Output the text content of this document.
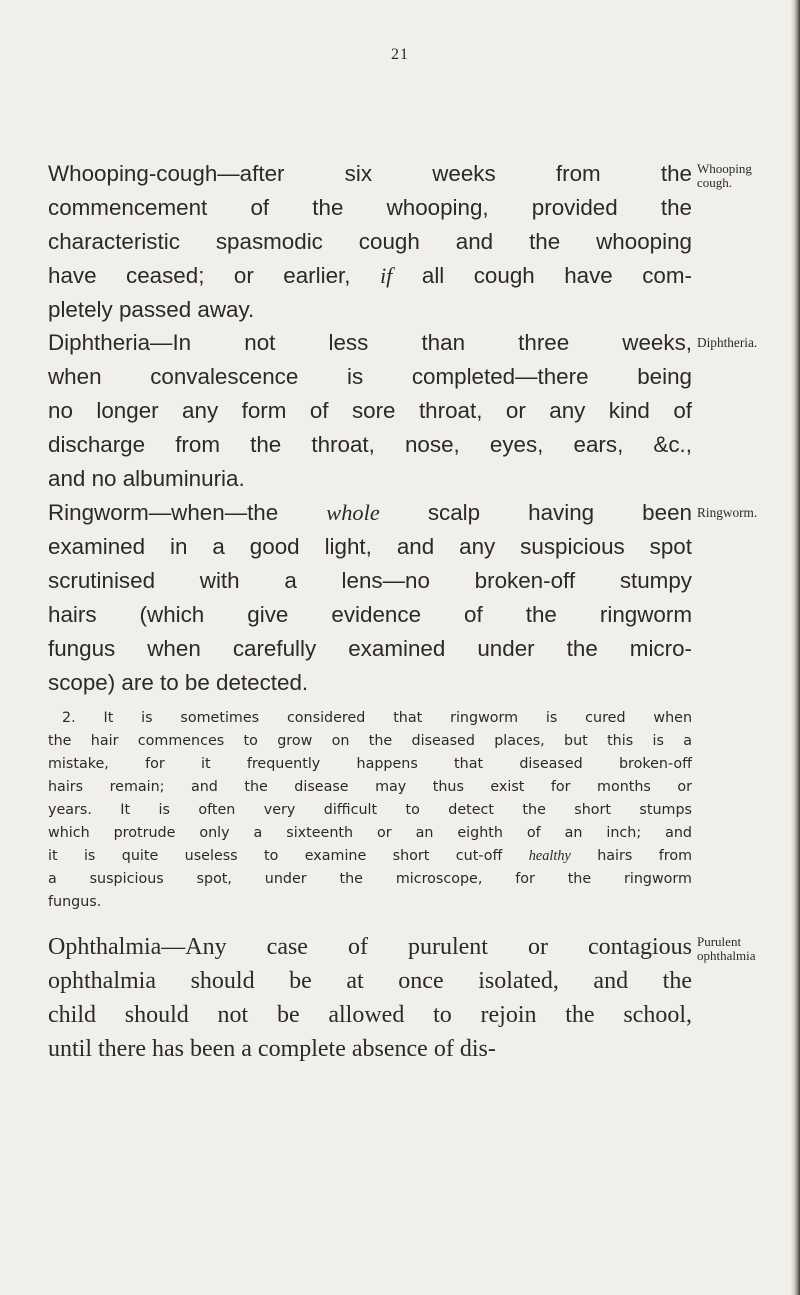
21
Whooping-cough—after six weeks from the
commencement of the whooping, provided the
characteristic spasmodic cough and the whooping
have ceased; or earlier, if all cough have com-
pletely passed away.
Whooping
cough.
Diphtheria—In not less than three weeks,
when convalescence is completed—there being
no longer any form of sore throat, or any kind of
discharge from the throat, nose, eyes, ears, &c.,
and no albuminuria.
Diphtheria.
Ringworm—when—the whole scalp having been
examined in a good light, and any suspicious spot
scrutinised with a lens—no broken-off stumpy
hairs (which give evidence of the ringworm
fungus when carefully examined under the micro-
scope) are to be detected.
Ringworm.
2. It is sometimes considered that ringworm is cured when
the hair commences to grow on the diseased places, but this is a
mistake, for it frequently happens that diseased broken-off
hairs remain; and the disease may thus exist for months or
years. It is often very difficult to detect the short stumps
which protrude only a sixteenth or an eighth of an inch; and
it is quite useless to examine short cut-off healthy hairs from
a suspicious spot, under the microscope, for the ringworm
fungus.
Ophthalmia—Any case of purulent or contagious
ophthalmia should be at once isolated, and the
child should not be allowed to rejoin the school,
until there has been a complete absence of dis-
Purulent
ophthalmia
